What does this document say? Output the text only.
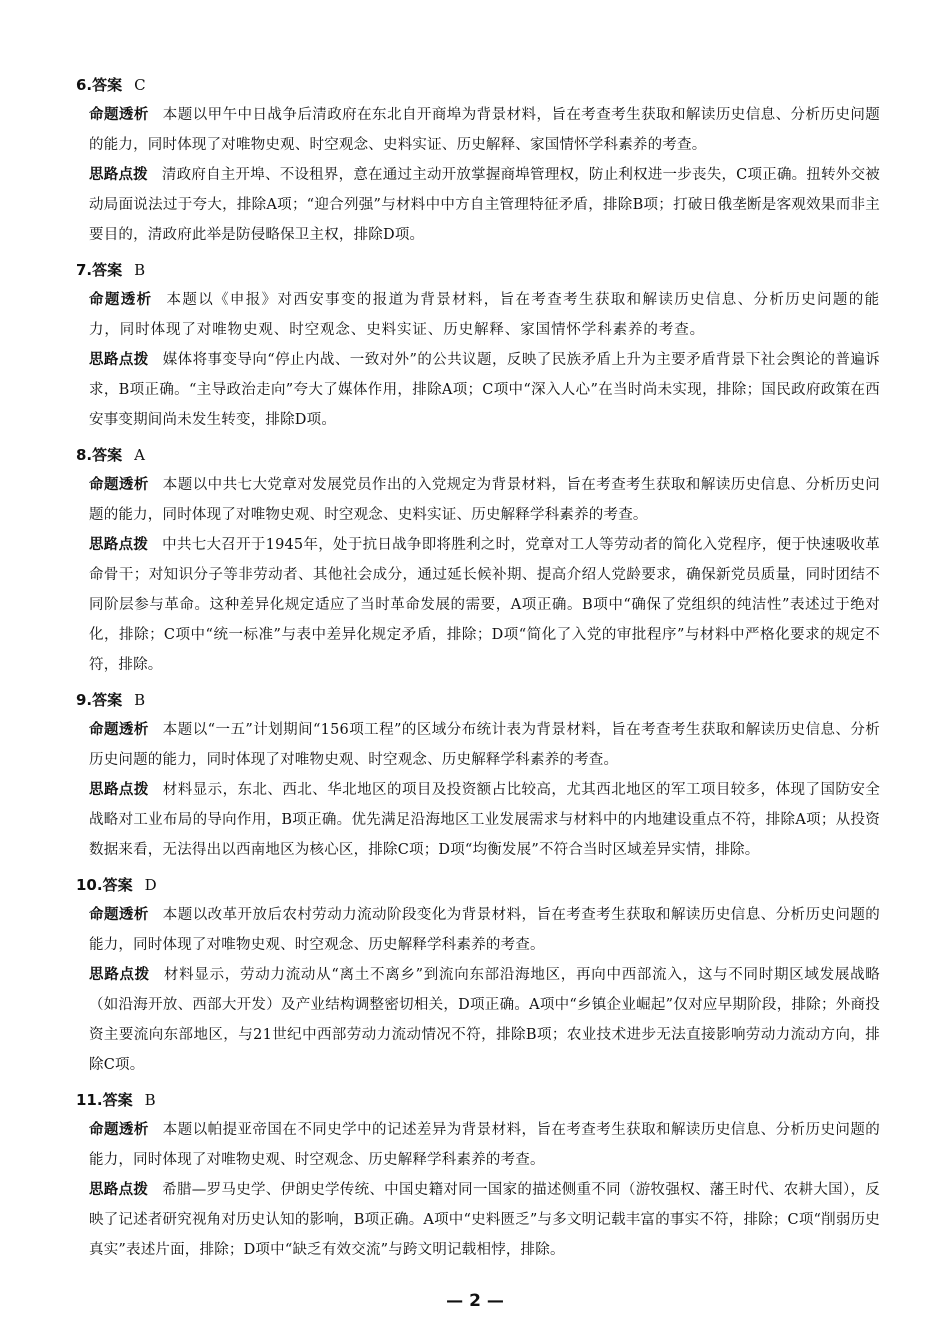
6.答案 C
命题透析 本题以甲午中日战争后清政府在东北自开商埠为背景材料，旨在考查考生获取和解读历史信息、分析历史问题的能力，同时体现了对唯物史观、时空观念、史料实证、历史解释、家国情怀学科素养的考查。
思路点拨 清政府自主开埠、不设租界，意在通过主动开放掌握商埠管理权，防止利权进一步丧失，C项正确。扭转外交被动局面说法过于夸大，排除A项；“迎合列强”与材料中中方自主管理特征矛盾，排除B项；打破日俄垄断是客观效果而非主要目的，清政府此举是防侵略保卫主权，排除D项。
7.答案 B
命题透析 本题以《申报》对西安事变的报道为背景材料，旨在考查考生获取和解读历史信息、分析历史问题的能力，同时体现了对唯物史观、时空观念、史料实证、历史解释、家国情怀学科素养的考查。
思路点拨 媒体将事变导向“停止内战、一致对外”的公共议题，反映了民族矛盾上升为主要矛盾背景下社会舆论的普遍诉求，B项正确。“主导政治走向”夸大了媒体作用，排除A项；C项中“深入人心”在当时尚未实现，排除；国民政府政策在西安事变期间尚未发生转变，排除D项。
8.答案 A
命题透析 本题以中共七大党章对发展党员作出的入党规定为背景材料，旨在考查考生获取和解读历史信息、分析历史问题的能力，同时体现了对唯物史观、时空观念、史料实证、历史解释学科素养的考查。
思路点拨 中共七大召开于1945年，处于抗日战争即将胜利之时，党章对工人等劳动者的简化入党程序，便于快速吸收革命骨干；对知识分子等非劳动者、其他社会成分，通过延长候补期、提高介绍人党龄要求，确保新党员质量，同时团结不同阶层参与革命。这种差异化规定适应了当时革命发展的需要，A项正确。B项中“确保了党组织的纯洁性”表述过于绝对化，排除；C项中“统一标准”与表中差异化规定矛盾，排除；D项“简化了入党的审批程序”与材料中严格化要求的规定不符，排除。
9.答案 B
命题透析 本题以“一五”计划期间“156项工程”的区域分布统计表为背景材料，旨在考查考生获取和解读历史信息、分析历史问题的能力，同时体现了对唯物史观、时空观念、历史解释学科素养的考查。
思路点拨 材料显示，东北、西北、华北地区的项目及投资额占比较高，尤其西北地区的军工项目较多，体现了国防安全战略对工业布局的导向作用，B项正确。优先满足沿海地区工业发展需求与材料中的内地建设重点不符，排除A项；从投资数据来看，无法得出以西南地区为核心区，排除C项；D项“均衡发展”不符合当时区域差异实情，排除。
10.答案 D
命题透析 本题以改革开放后农村劳动力流动阶段变化为背景材料，旨在考查考生获取和解读历史信息、分析历史问题的能力，同时体现了对唯物史观、时空观念、历史解释学科素养的考查。
思路点拨 材料显示，劳动力流动从“离土不离乡”到流向东部沿海地区，再向中西部流入，这与不同时期区域发展战略（如沿海开放、西部大开发）及产业结构调整密切相关，D项正确。A项中“乡镇企业崛起”仅对应早期阶段，排除；外商投资主要流向东部地区，与21世纪中西部劳动力流动情况不符，排除B项；农业技术进步无法直接影响劳动力流动方向，排除C项。
11.答案 B
命题透析 本题以帕提亚帝国在不同史学中的记述差异为背景材料，旨在考查考生获取和解读历史信息、分析历史问题的能力，同时体现了对唯物史观、时空观念、历史解释学科素养的考查。
思路点拨 希腊—罗马史学、伊朗史学传统、中国史籍对同一国家的描述侧重不同（游牧强权、藩王时代、农耕大国），反映了记述者研究视角对历史认知的影响，B项正确。A项中“史料匮乏”与多文明记载丰富的事实不符，排除；C项“削弱历史真实”表述片面，排除；D项中“缺乏有效交流”与跨文明记载相悖，排除。
— 2 —
